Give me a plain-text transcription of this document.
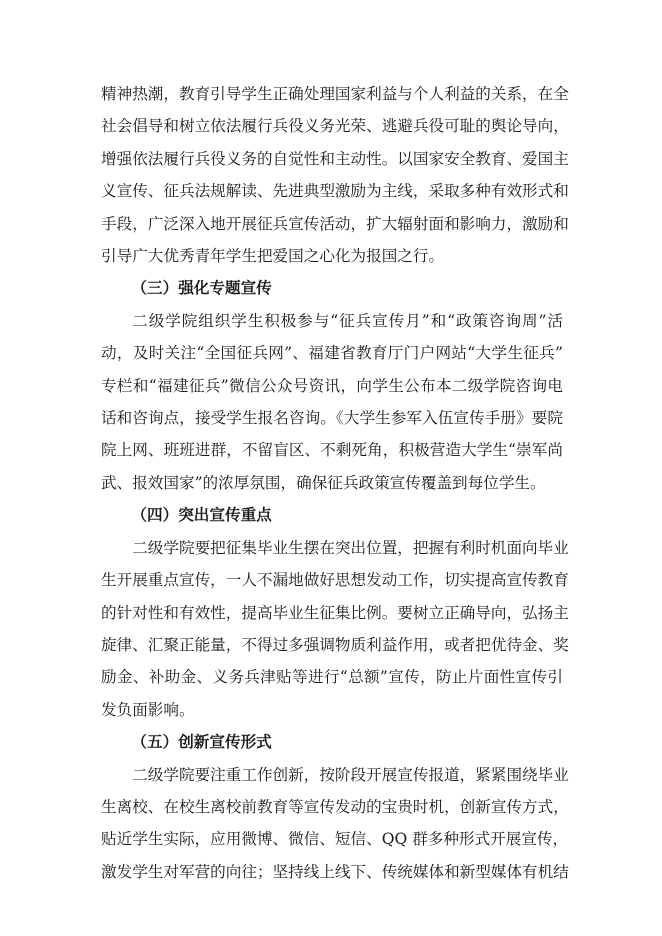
精神热潮，教育引导学生正确处理国家利益与个人利益的关系，在全
社会倡导和树立依法履行兵役义务光荣、逃避兵役可耻的舆论导向，
增强依法履行兵役义务的自觉性和主动性。以国家安全教育、爱国主
义宣传、征兵法规解读、先进典型激励为主线，采取多种有效形式和
手段，广泛深入地开展征兵宣传活动，扩大辐射面和影响力，激励和
引导广大优秀青年学生把爱国之心化为报国之行。

（三）强化专题宣传

二级学院组织学生积极参与“征兵宣传月”和“政策咨询周”活
动，及时关注“全国征兵网”、福建省教育厅门户网站“大学生征兵”
专栏和“福建征兵”微信公众号资讯，向学生公布本二级学院咨询电
话和咨询点，接受学生报名咨询。《大学生参军入伍宣传手册》要院
院上网、班班进群，不留盲区、不剩死角，积极营造大学生“崇军尚
武、报效国家”的浓厚氛围，确保征兵政策宣传覆盖到每位学生。

（四）突出宣传重点

二级学院要把征集毕业生摆在突出位置，把握有利时机面向毕业
生开展重点宣传，一人不漏地做好思想发动工作，切实提高宣传教育
的针对性和有效性，提高毕业生征集比例。要树立正确导向，弘扬主
旋律、汇聚正能量，不得过多强调物质利益作用，或者把优待金、奖
励金、补助金、义务兵津贴等进行“总额”宣传，防止片面性宣传引
发负面影响。

（五）创新宣传形式

二级学院要注重工作创新，按阶段开展宣传报道，紧紧围绕毕业
生离校、在校生离校前教育等宣传发动的宝贵时机，创新宣传方式，
贴近学生实际，应用微博、微信、短信、QQ 群多种形式开展宣传，
激发学生对军营的向往；坚持线上线下、传统媒体和新型媒体有机结
